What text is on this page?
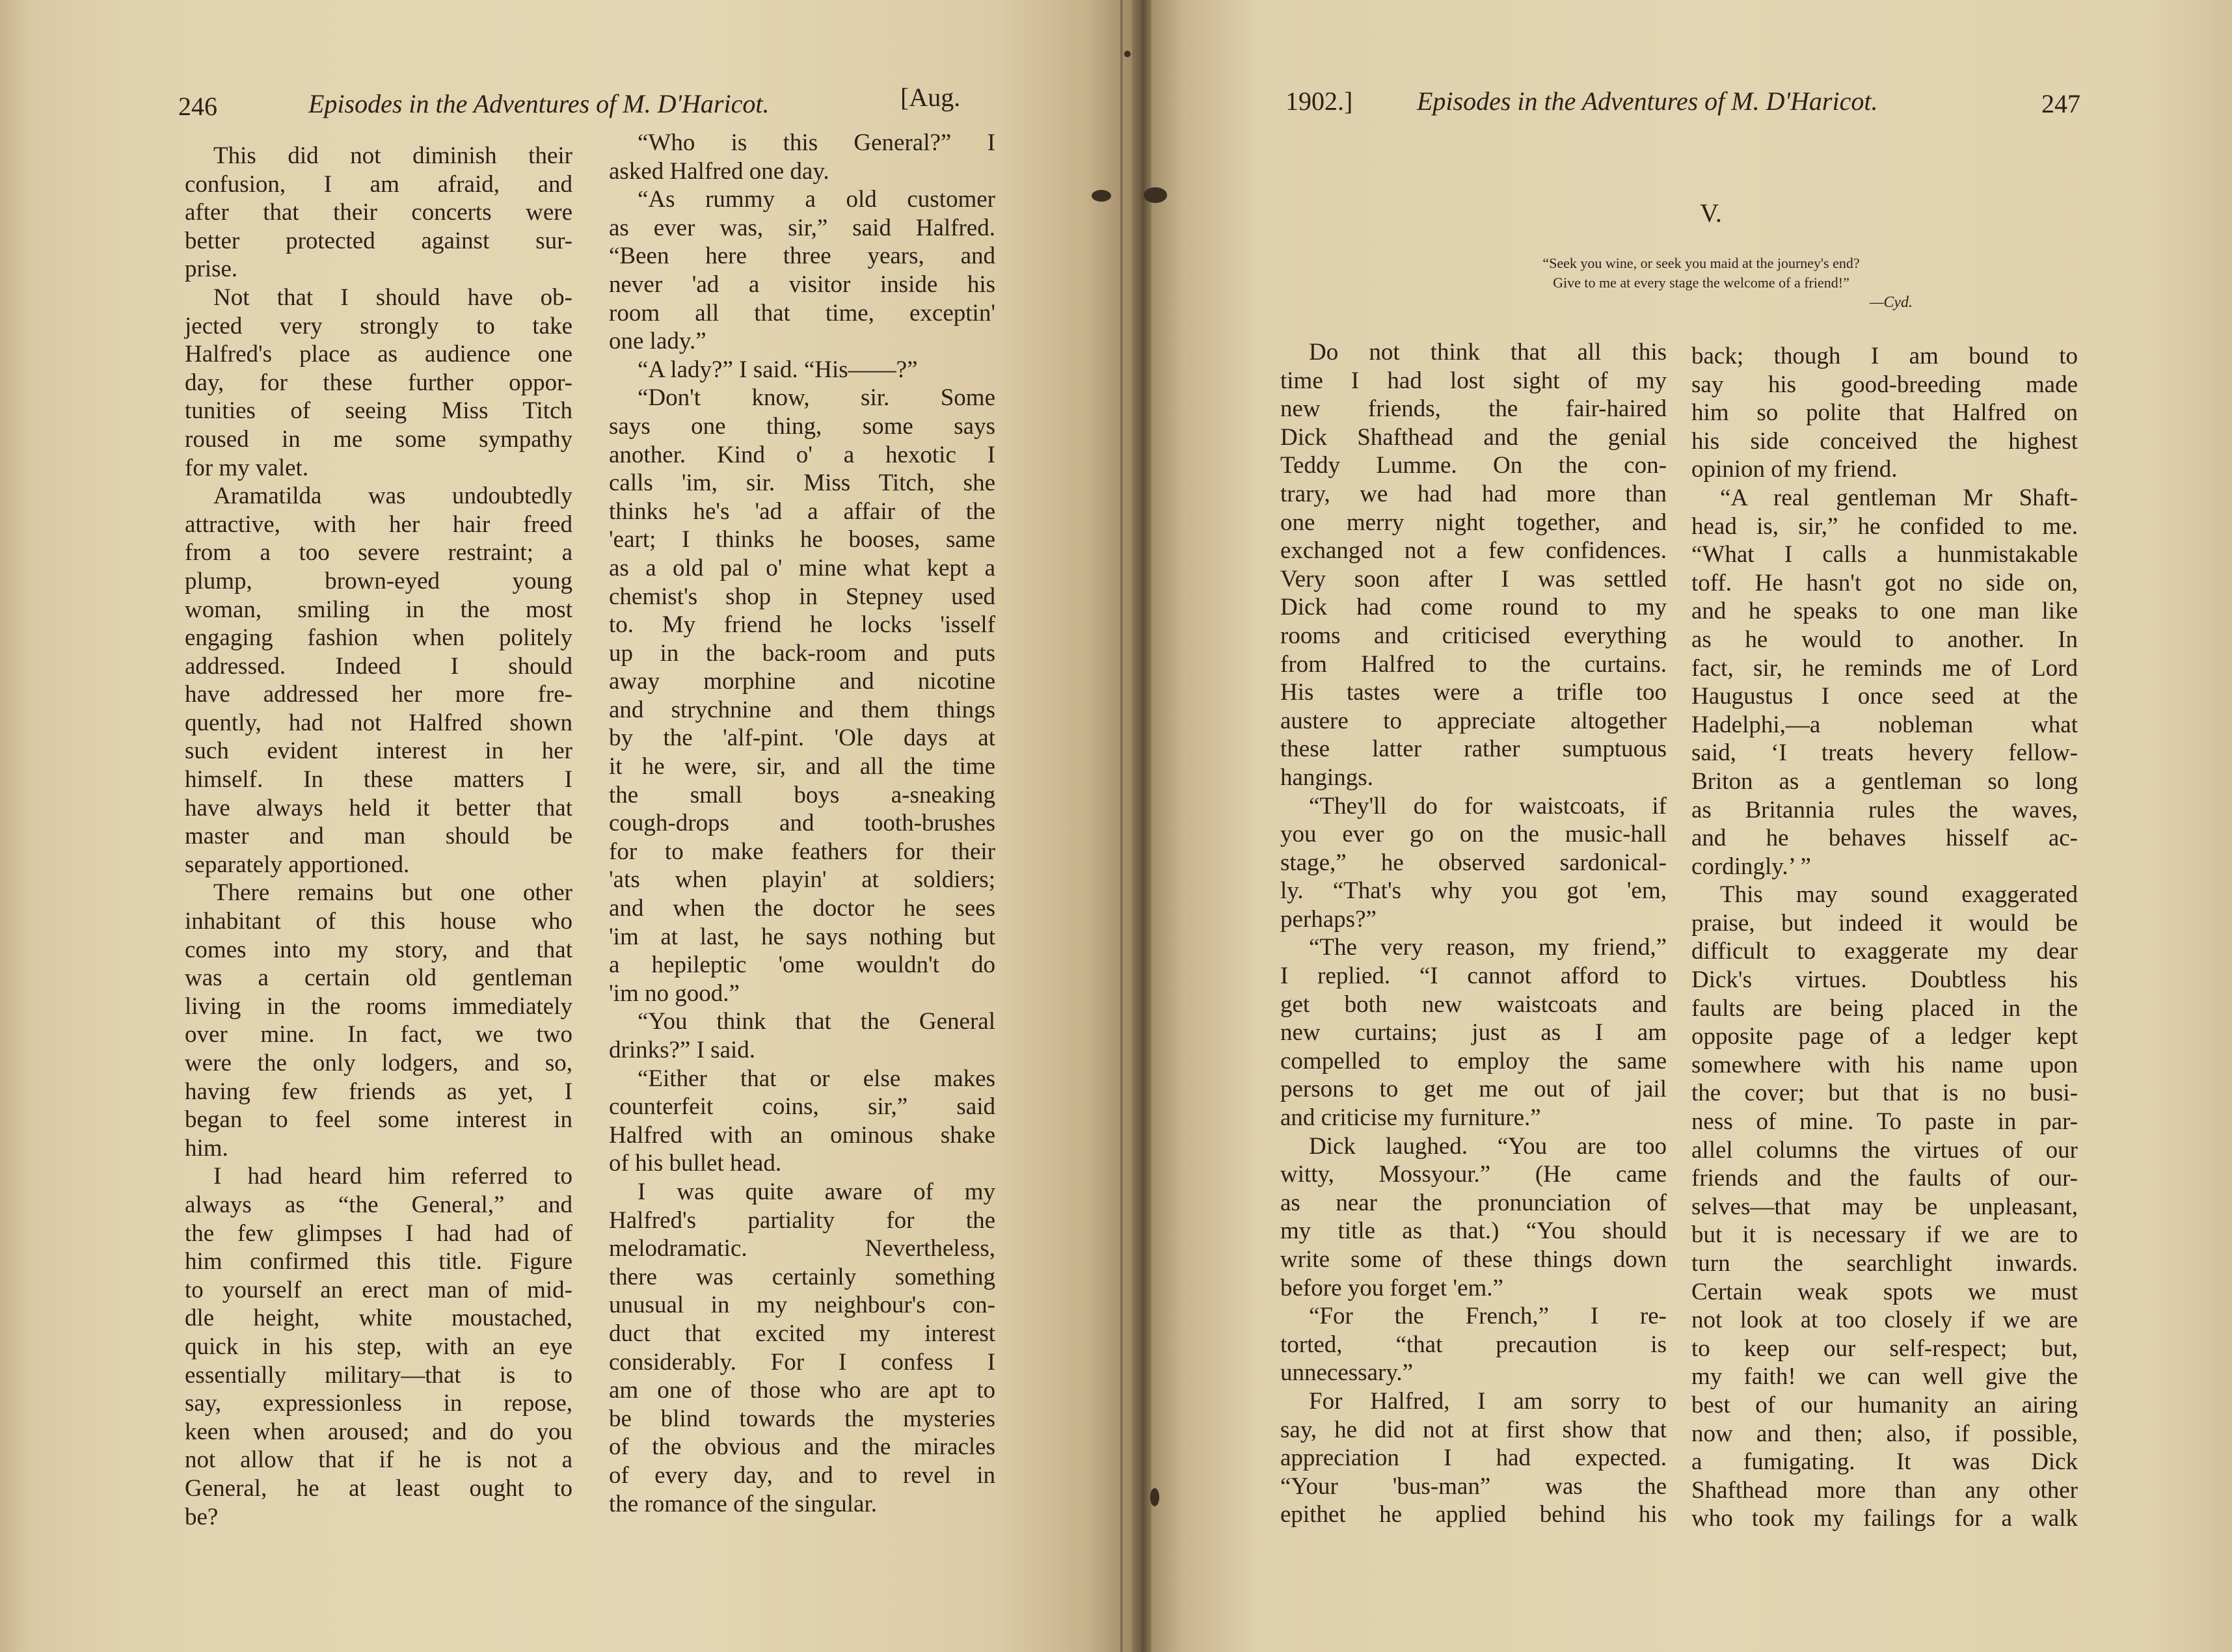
246	Episodes in the Adventures of M. D'Haricot.	[Aug.
This did not diminish their
confusion, I am afraid, and
after that their concerts were
better protected against sur-
prise.
Not that I should have ob-
jected very strongly to take
Halfred's place as audience one
day, for these further oppor-
tunities of seeing Miss Titch
roused in me some sympathy
for my valet.
Aramatilda was undoubtedly
attractive, with her hair freed
from a too severe restraint; a
plump, brown-eyed young
woman, smiling in the most
engaging fashion when politely
addressed. Indeed I should
have addressed her more fre-
quently, had not Halfred shown
such evident interest in her
himself. In these matters I
have always held it better that
master and man should be
separately apportioned.
There remains but one other
inhabitant of this house who
comes into my story, and that
was a certain old gentleman
living in the rooms immediately
over mine. In fact, we two
were the only lodgers, and so,
having few friends as yet, I
began to feel some interest in
him.
I had heard him referred to
always as “the General,” and
the few glimpses I had had of
him confirmed this title. Figure
to yourself an erect man of mid-
dle height, white moustached,
quick in his step, with an eye
essentially military—that is to
say, expressionless in repose,
keen when aroused; and do you
not allow that if he is not a
General, he at least ought to
be?
“Who is this General?” I
asked Halfred one day.
“As rummy a old customer
as ever was, sir,” said Halfred.
“Been here three years, and
never 'ad a visitor inside his
room all that time, exceptin'
one lady.”
“A lady?” I said. “His——?”
“Don't know, sir. Some
says one thing, some says
another. Kind o' a hexotic I
calls 'im, sir. Miss Titch, she
thinks he's 'ad a affair of the
'eart; I thinks he booses, same
as a old pal o' mine what kept a
chemist's shop in Stepney used
to. My friend he locks 'isself
up in the back-room and puts
away morphine and nicotine
and strychnine and them things
by the 'alf-pint. 'Ole days at
it he were, sir, and all the time
the small boys a-sneaking
cough-drops and tooth-brushes
for to make feathers for their
'ats when playin' at soldiers;
and when the doctor he sees
'im at last, he says nothing but
a hepileptic 'ome wouldn't do
'im no good.”
“You think that the General
drinks?” I said.
“Either that or else makes
counterfeit coins, sir,” said
Halfred with an ominous shake
of his bullet head.
I was quite aware of my
Halfred's partiality for the
melodramatic. Nevertheless,
there was certainly something
unusual in my neighbour's con-
duct that excited my interest
considerably. For I confess I
am one of those who are apt to
be blind towards the mysteries
of the obvious and the miracles
of every day, and to revel in
the romance of the singular.
1902.] Episodes in the Adventures of M. D'Haricot.	247
V.
“Seek you wine, or seek you maid at the journey's end?
Give to me at every stage the welcome of a friend!”
—Cyd.
Do not think that all this
time I had lost sight of my
new friends, the fair-haired
Dick Shafthead and the genial
Teddy Lumme. On the con-
trary, we had had more than
one merry night together, and
exchanged not a few confidences.
Very soon after I was settled
Dick had come round to my
rooms and criticised everything
from Halfred to the curtains.
His tastes were a trifle too
austere to appreciate altogether
these latter rather sumptuous
hangings.
“They'll do for waistcoats, if
you ever go on the music-hall
stage,” he observed sardonical-
ly. “That's why you got 'em,
perhaps?”
“The very reason, my friend,”
I replied. “I cannot afford to
get both new waistcoats and
new curtains; just as I am
compelled to employ the same
persons to get me out of jail
and criticise my furniture.”
Dick laughed. “You are too
witty, Mossyour.” (He came
as near the pronunciation of
my title as that.) “You should
write some of these things down
before you forget 'em.”
“For the French,” I re-
torted, “that precaution is
unnecessary.”
For Halfred, I am sorry to
say, he did not at first show that
appreciation I had expected.
“Your 'bus-man” was the
epithet he applied behind his
back; though I am bound to
say his good-breeding made
him so polite that Halfred on
his side conceived the highest
opinion of my friend.
“A real gentleman Mr Shaft-
head is, sir,” he confided to me.
“What I calls a hunmistakable
toff. He hasn't got no side on,
and he speaks to one man like
as he would to another. In
fact, sir, he reminds me of Lord
Haugustus I once seed at the
Hadelphi,—a nobleman what
said, ‘I treats hevery fellow-
Briton as a gentleman so long
as Britannia rules the waves,
and he behaves hisself ac-
cordingly.’ ”
This may sound exaggerated
praise, but indeed it would be
difficult to exaggerate my dear
Dick's virtues. Doubtless his
faults are being placed in the
opposite page of a ledger kept
somewhere with his name upon
the cover; but that is no busi-
ness of mine. To paste in par-
allel columns the virtues of our
friends and the faults of our-
selves—that may be unpleasant,
but it is necessary if we are to
turn the searchlight inwards.
Certain weak spots we must
not look at too closely if we are
to keep our self-respect; but,
my faith! we can well give the
best of our humanity an airing
now and then; also, if possible,
a fumigating. It was Dick
Shafthead more than any other
who took my failings for a walk
